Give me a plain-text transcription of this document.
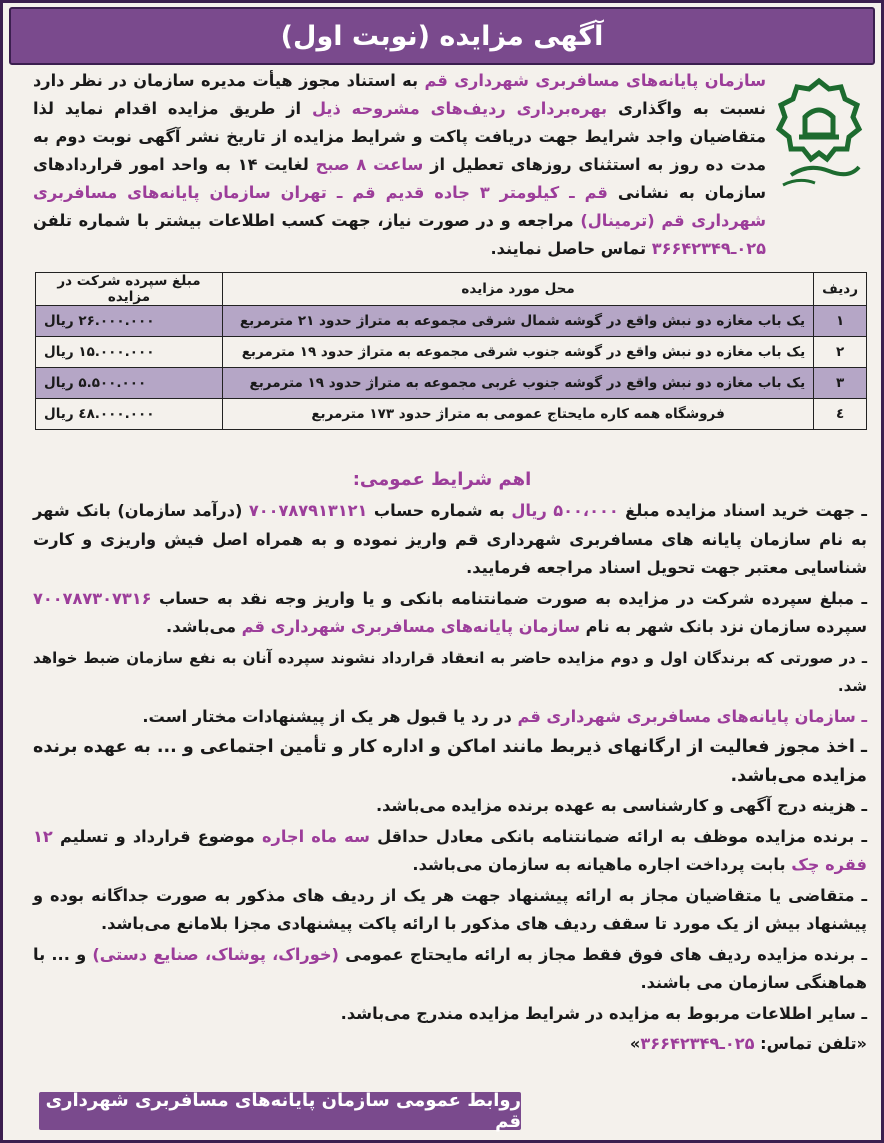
آگهی مزایده (نوبت اول)
سازمان پایانه‌های مسافربری شهرداری قم به استناد مجوز هیأت مدیره سازمان در نظر دارد نسبت به واگذاری بهره‌برداری ردیف‌های مشروحه ذیل از طریق مزایده اقدام نماید لذا متقاضیان واجد شرایط جهت دریافت پاکت و شرایط مزایده از تاریخ نشر آگهی نوبت دوم به مدت ده روز به استثنای روزهای تعطیل از ساعت ۸ صبح لغایت ۱۴ به واحد امور قراردادهای سازمان به نشانی قم ـ کیلومتر ۳ جاده قدیم قم ـ تهران سازمان پایانه‌های مسافربری شهرداری قم (ترمینال) مراجعه و در صورت نیاز، جهت کسب اطلاعات بیشتر با شماره تلفن ۰۲۵ـ۳۶۶۴۲۳۴۹ تماس حاصل نمایند.
ردیف	محل مورد مزایده	مبلغ سپرده شرکت در مزایده
۱	یک باب مغازه دو نبش واقع در گوشه شمال شرقی مجموعه به متراژ حدود ۲۱ مترمربع	۲۶.۰۰۰.۰۰۰ ریال
۲	یک باب مغازه دو نبش واقع در گوشه جنوب شرقی مجموعه به متراژ حدود ۱۹ مترمربع	۱۵.۰۰۰.۰۰۰ ریال
۳	یک باب مغازه دو نبش واقع در گوشه جنوب غربی مجموعه به متراژ حدود ۱۹ مترمربع	۵.۵۰۰.۰۰۰ ریال
٤	فروشگاه همه کاره مایحتاج عمومی به متراژ حدود ۱۷۳ مترمربع	٤۸.۰۰۰.۰۰۰ ریال
اهم شرایط عمومی:

ـ جهت خرید اسناد مزایده مبلغ ۵۰۰،۰۰۰ ریال به شماره حساب ۷۰۰۷۸۷۹۱۳۱۲۱ (درآمد سازمان) بانک شهر به نام سازمان پایانه های مسافربری شهرداری قم واریز نموده و به همراه اصل فیش واریزی و کارت شناسایی معتبر جهت تحویل اسناد مراجعه فرمایید.

ـ مبلغ سپرده شرکت در مزایده به صورت ضمانتنامه بانکی و یا واریز وجه نقد به حساب ۷۰۰۷۸۷۳۰۷۳۱۶ سپرده سازمان نزد بانک شهر به نام سازمان پایانه‌های مسافربری شهرداری قم می‌باشد.

ـ در صورتی که برندگان اول و دوم مزایده حاضر به انعقاد قرارداد نشوند سپرده آنان به نفع سازمان ضبط خواهد شد.

ـ سازمان پایانه‌های مسافربری شهرداری قم در رد یا قبول هر یک از پیشنهادات مختار است.

ـ اخذ مجوز فعالیت از ارگانهای ذیربط مانند اماکن و اداره کار و تأمین اجتماعی و ... به عهده برنده مزایده می‌باشد.

ـ هزینه درج آگهی و کارشناسی به عهده برنده مزایده می‌باشد.

ـ برنده مزایده موظف به ارائه ضمانتنامه بانکی معادل حداقل سه ماه اجاره موضوع قرارداد و تسلیم ۱۲ فقره چک بابت پرداخت اجاره ماهیانه به سازمان می‌باشد.

ـ متقاضی یا متقاضیان مجاز به ارائه پیشنهاد جهت هر یک از ردیف های مذکور به صورت جداگانه بوده و پیشنهاد بیش از یک مورد تا سقف ردیف های مذکور با ارائه پاکت پیشنهادی مجزا بلامانع می‌باشد.

ـ برنده مزایده ردیف های فوق فقط مجاز به ارائه مایحتاج عمومی (خوراک، پوشاک، صنایع دستی) و ... با هماهنگی سازمان می باشند.

ـ سایر اطلاعات مربوط به مزایده در شرایط مزایده مندرج می‌باشد.

«تلفن تماس: ۰۲۵ـ۳۶۶۴۲۳۴۹»

روابط عمومی سازمان پایانه‌های مسافربری شهرداری قم
